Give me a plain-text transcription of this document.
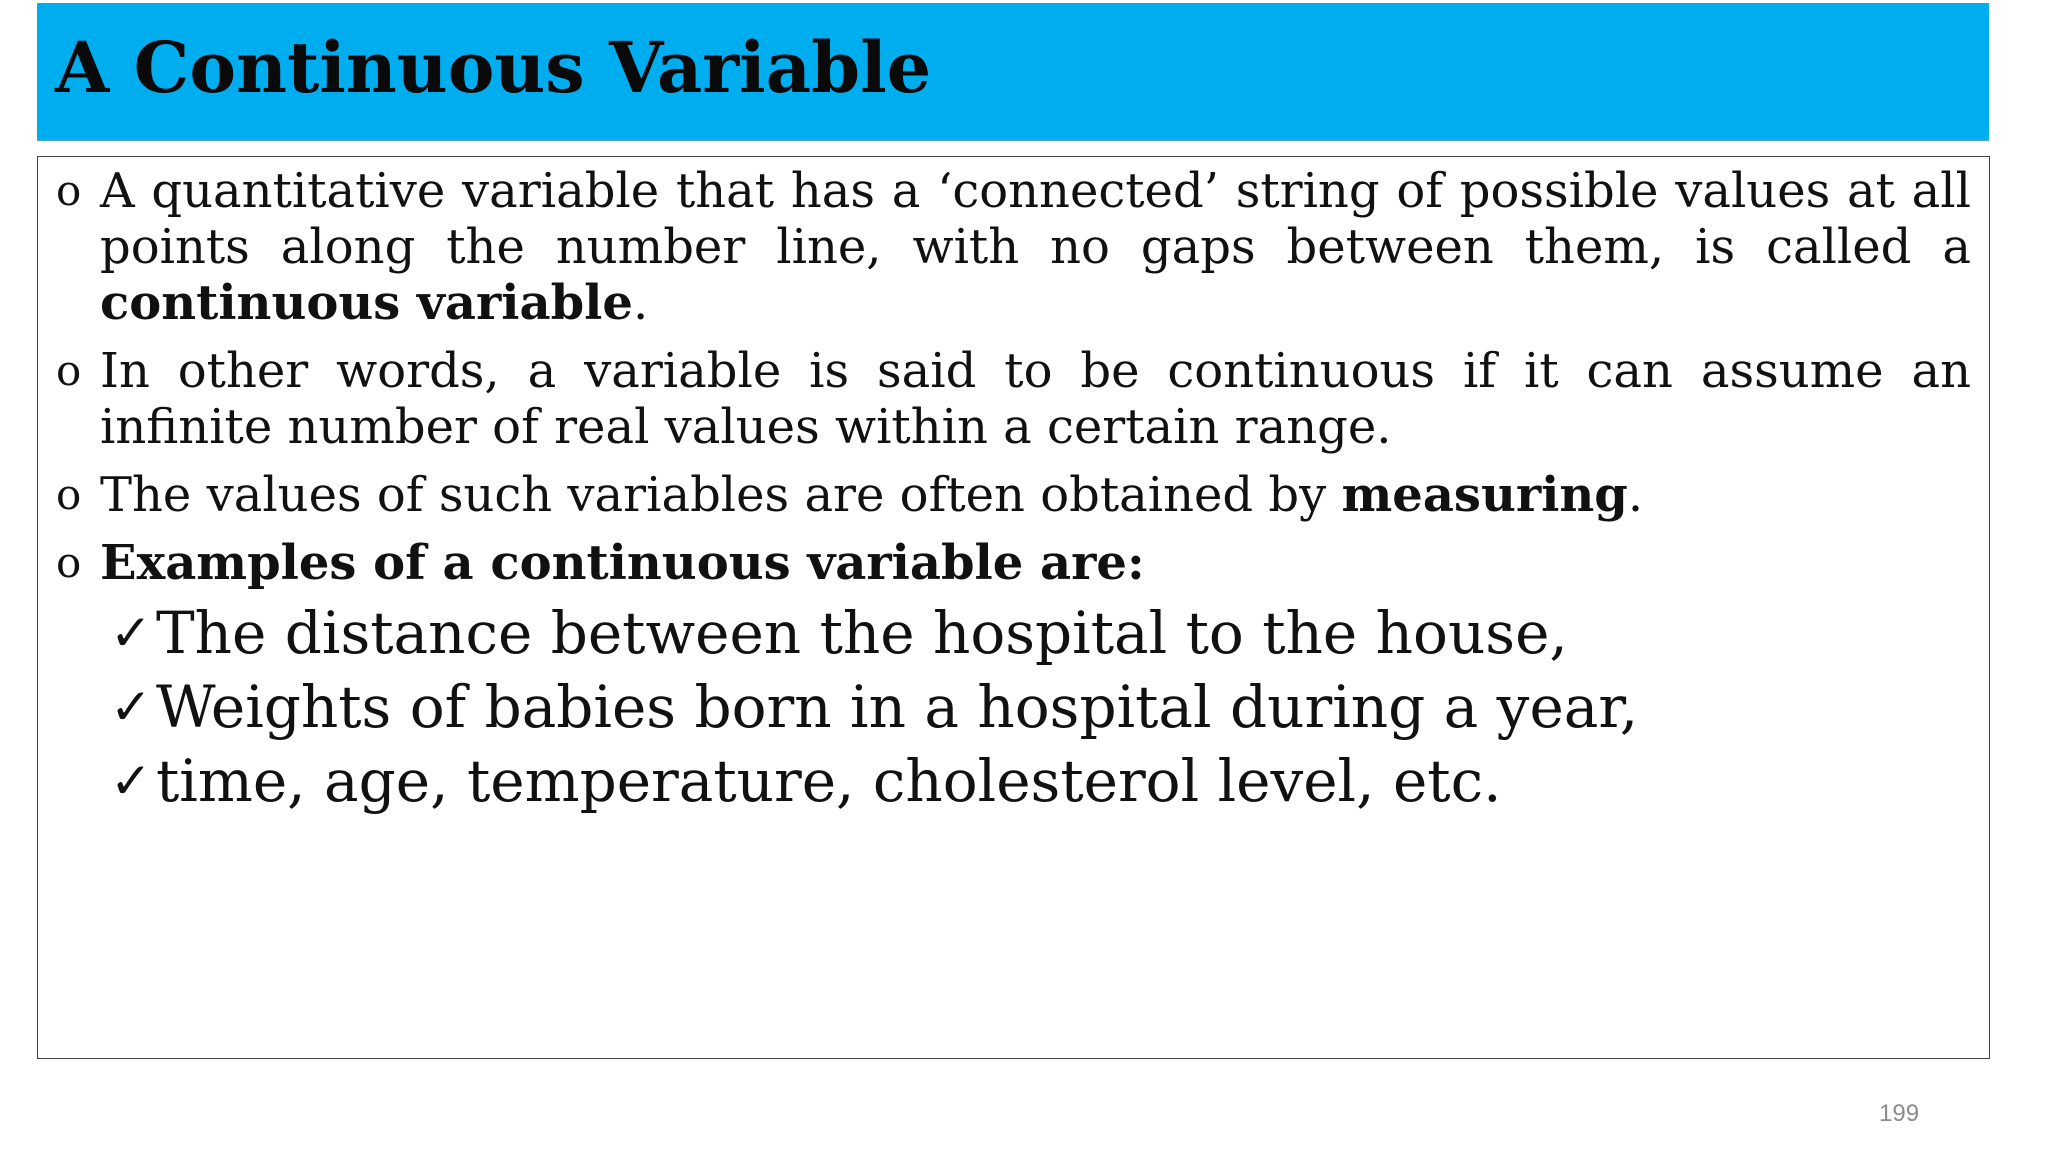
A Continuous Variable
o A quantitative variable that has a ‘connected’ string of possible values at all points along the number line, with no gaps between them, is called a continuous variable.
o In other words, a variable is said to be continuous if it can assume an infinite number of real values within a certain range.
o The values of such variables are often obtained by measuring.
o Examples of a continuous variable are:
✓ The distance between the hospital to the house,
✓ Weights of babies born in a hospital during a year,
✓ time, age, temperature, cholesterol level, etc.
199
